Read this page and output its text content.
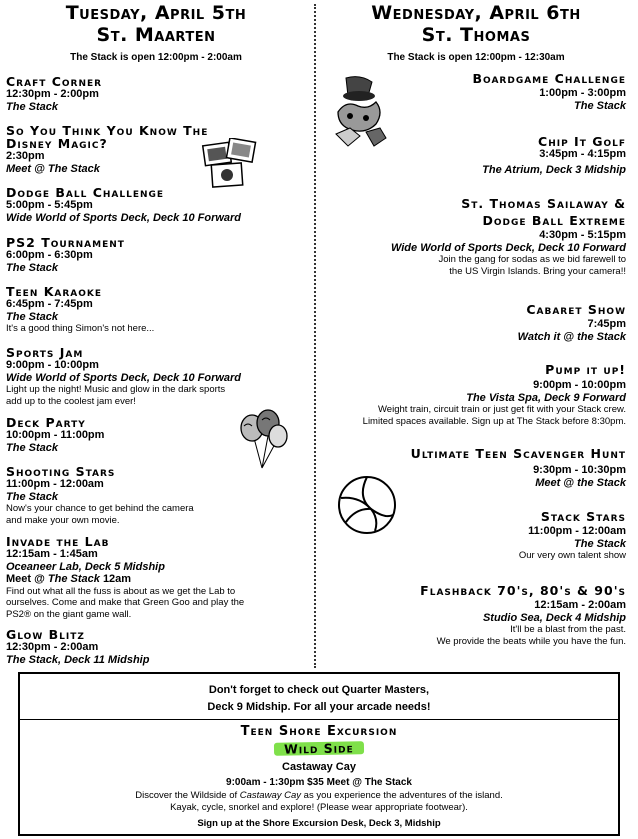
Tuesday, April 5th
St. Maarten
The Stack is open 12:00pm - 2:00am
Craft Corner
12:30pm - 2:00pm
The Stack
So You Think You Know The
Disney Magic?
2:30pm
Meet @ The Stack
Dodge Ball Challenge
5:00pm - 5:45pm
Wide World of Sports Deck, Deck 10 Forward
PS2 Tournament
6:00pm - 6:30pm
The Stack
Teen Karaoke
6:45pm - 7:45pm
The Stack
It's a good thing Simon's not here...
Sports Jam
9:00pm - 10:00pm
Wide World of Sports Deck, Deck 10 Forward
Light up the night! Music and glow in the dark sports
add up to the coolest jam ever!
Deck Party
10:00pm - 11:00pm
The Stack
Shooting Stars
11:00pm - 12:00am
The Stack
Now's your chance to get behind the camera
and make your own movie.
Invade the Lab
12:15am - 1:45am
Oceaneer Lab, Deck 5 Midship
Meet @ The Stack 12am
Find out what all the fuss is about as we get the Lab to
ourselves. Come and make that Green Goo and play the
PS2® on the giant game wall.
Glow Blitz
12:30pm - 2:00am
The Stack, Deck 11 Midship
Wednesday, April 6th
St. Thomas
The Stack is open 12:00pm - 12:30am
Boardgame Challenge
1:00pm - 3:00pm
The Stack
Chip It Golf
3:45pm - 4:15pm
The Atrium, Deck 3 Midship
St. Thomas Sailaway &
Dodge Ball Extreme
4:30pm - 5:15pm
Wide World of Sports Deck, Deck 10 Forward
Join the gang for sodas as we bid farewell to
the US Virgin Islands. Bring your camera!!
Cabaret Show
7:45pm
Watch it @ the Stack
Pump it up!
9:00pm - 10:00pm
The Vista Spa, Deck 9 Forward
Weight train, circuit train or just get fit with your Stack crew.
Limited spaces available. Sign up at The Stack before 8:30pm.
Ultimate Teen Scavenger Hunt
9:30pm - 10:30pm
Meet @ the Stack
Stack Stars
11:00pm - 12:00am
The Stack
Our very own talent show
Flashback 70's, 80's & 90's
12:15am - 2:00am
Studio Sea, Deck 4 Midship
It'll be a blast from the past.
We provide the beats while you have the fun.
Don't forget to check out Quarter Masters,
Deck 9 Midship. For all your arcade needs!
Teen Shore Excursion
Wild Side
Castaway Cay
9:00am - 1:30pm $35 Meet @ The Stack
Discover the Wildside of Castaway Cay as you experience the adventures of the island.
Kayak, cycle, snorkel and explore! (Please wear appropriate footwear).
Sign up at the Shore Excursion Desk, Deck 3, Midship
